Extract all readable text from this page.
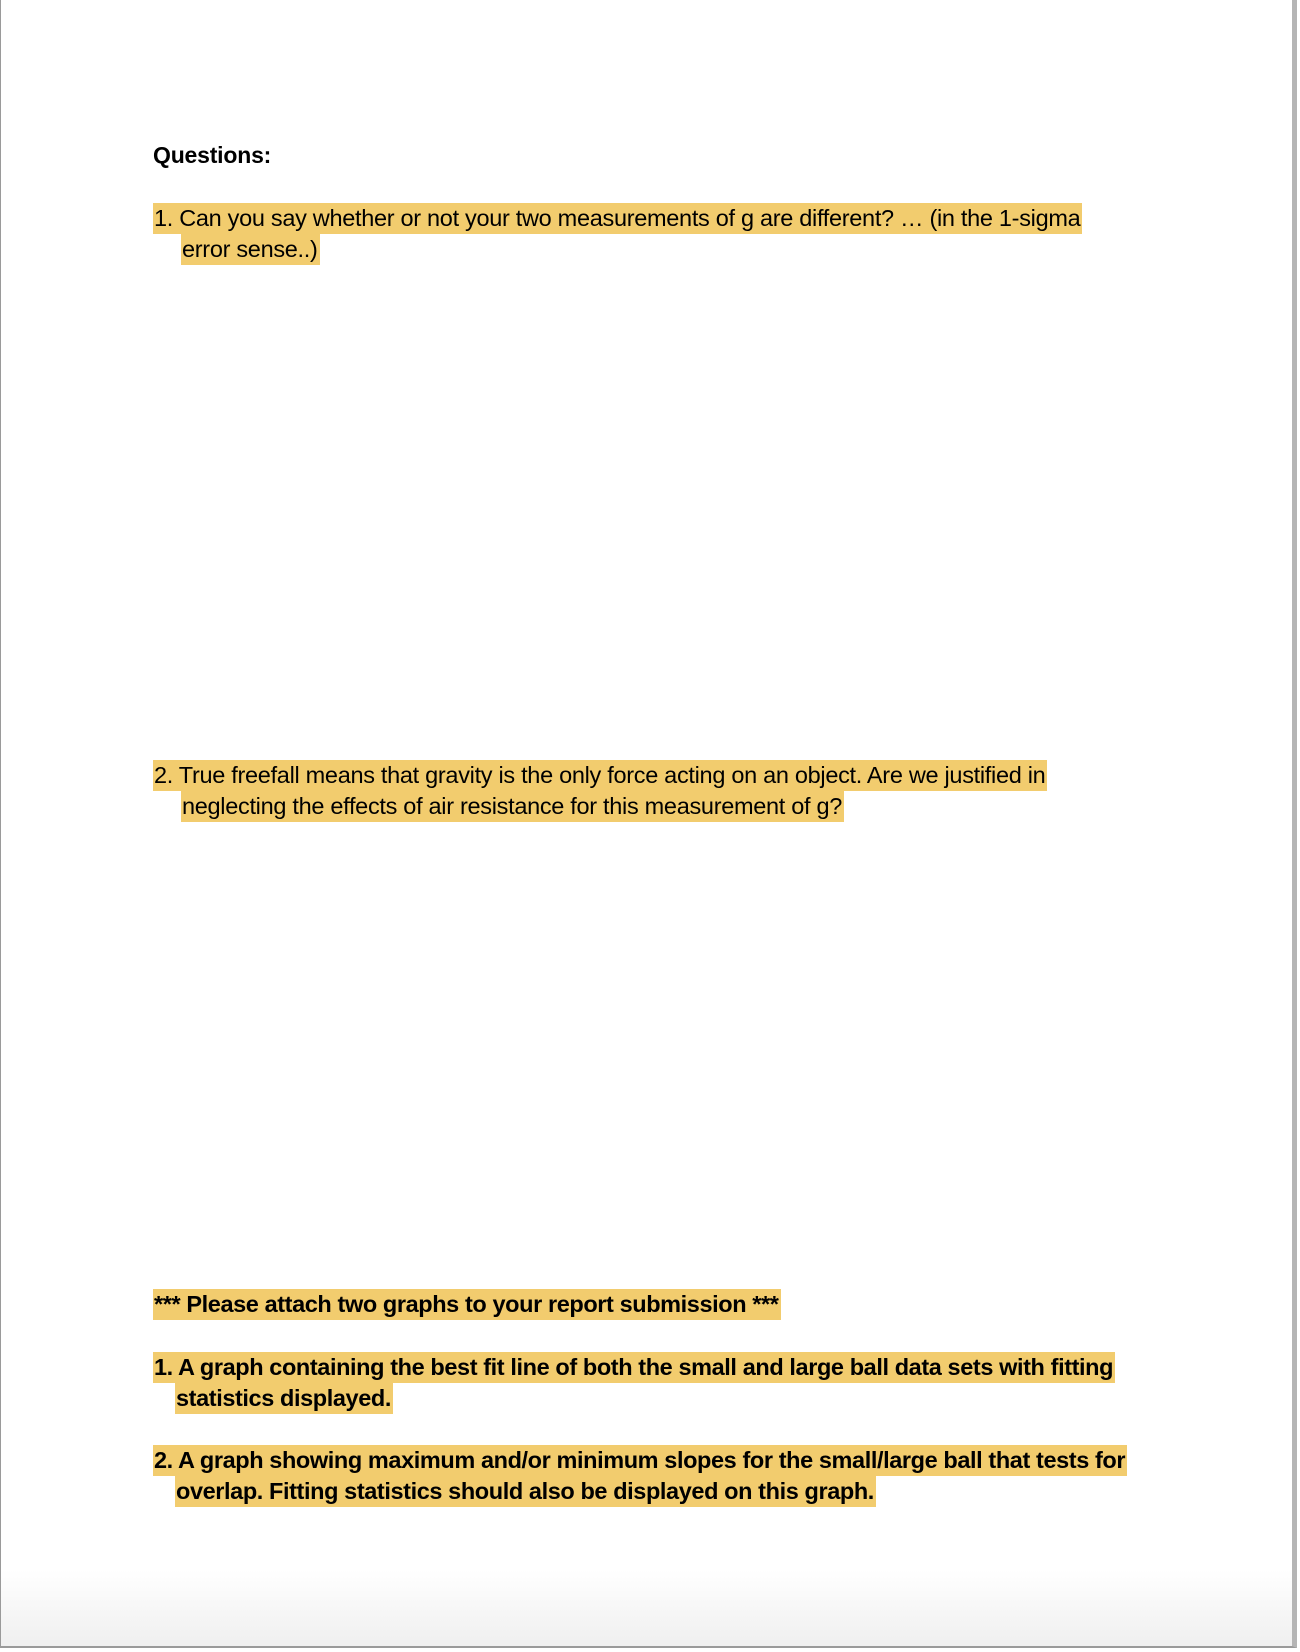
Questions:
1. Can you say whether or not your two measurements of g are different? … (in the 1-sigma
error sense..)
2. True freefall means that gravity is the only force acting on an object. Are we justified in
neglecting the effects of air resistance for this measurement of g?
*** Please attach two graphs to your report submission ***
1. A graph containing the best fit line of both the small and large ball data sets with fitting
statistics displayed.
2. A graph showing maximum and/or minimum slopes for the small/large ball that tests for
overlap. Fitting statistics should also be displayed on this graph.
